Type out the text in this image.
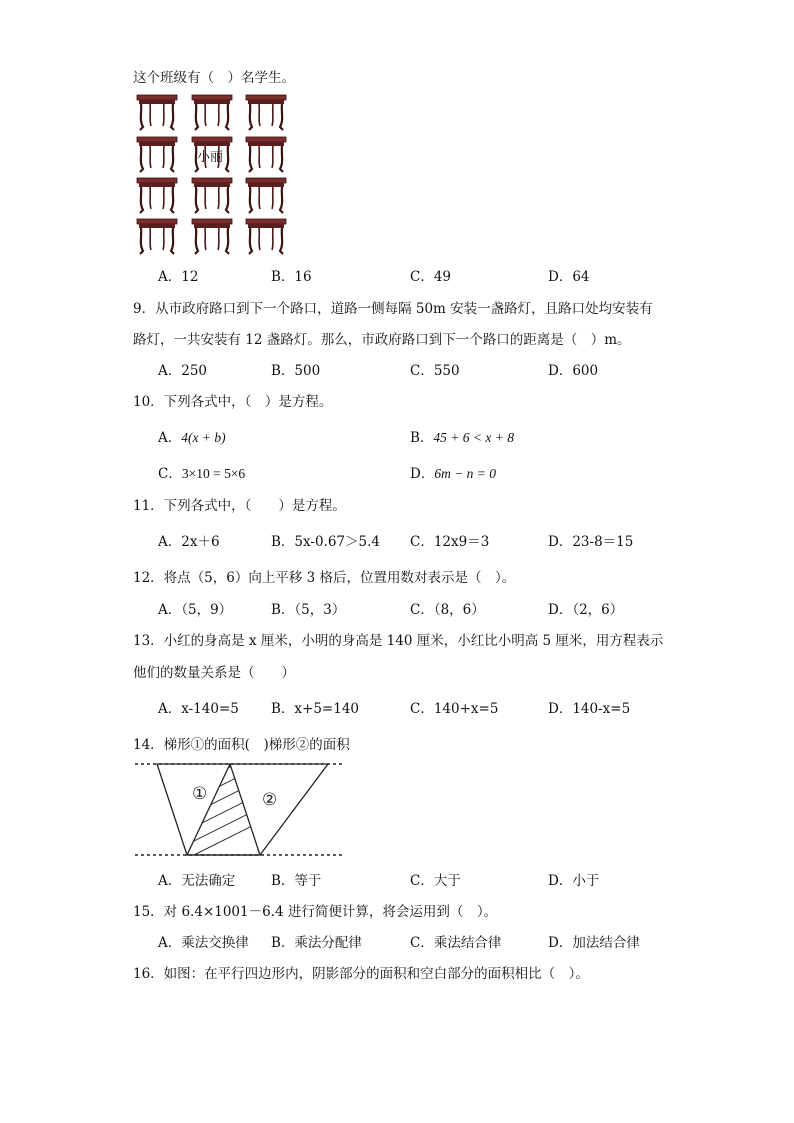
这个班级有（　）名学生。
小丽
A．12	B．16	C．49	D．64
9．从市政府路口到下一个路口，道路一侧每隔 50m 安装一盏路灯，且路口处均安装有
路灯，一共安装有 12 盏路灯。那么，市政府路口到下一个路口的距离是（　）m。
A．250	B．500	C．550	D．600
10．下列各式中，（　）是方程。
A．4(x + b)	B．45 + 6 < x + 8
C．3×10 = 5×6	D．6m − n = 0
11．下列各式中，（　　）是方程。
A．2x＋6	B．5x-0.67＞5.4 C．12x9＝3	D．23-8＝15
12．将点（5，6）向上平移 3 格后，位置用数对表示是（　）。
A．（5，9）	B．（5，3）	C．（8，6）	D．（2，6）
13．小红的身高是 x 厘米，小明的身高是 140 厘米，小红比小明高 5 厘米，用方程表示
他们的数量关系是（　　）
A．x-140=5 B．x+5=140	C．140+x=5	D．140-x=5
14．梯形①的面积(　)梯形②的面积
①	②
A．无法确定	B．等于	C．大于	D．小于
15．对 6.4×1001－6.4 进行简便计算，将会运用到（　）。
A．乘法交换律 B．乘法分配律	C．乘法结合律	D．加法结合律
16．如图：在平行四边形内，阴影部分的面积和空白部分的面积相比（　）。
